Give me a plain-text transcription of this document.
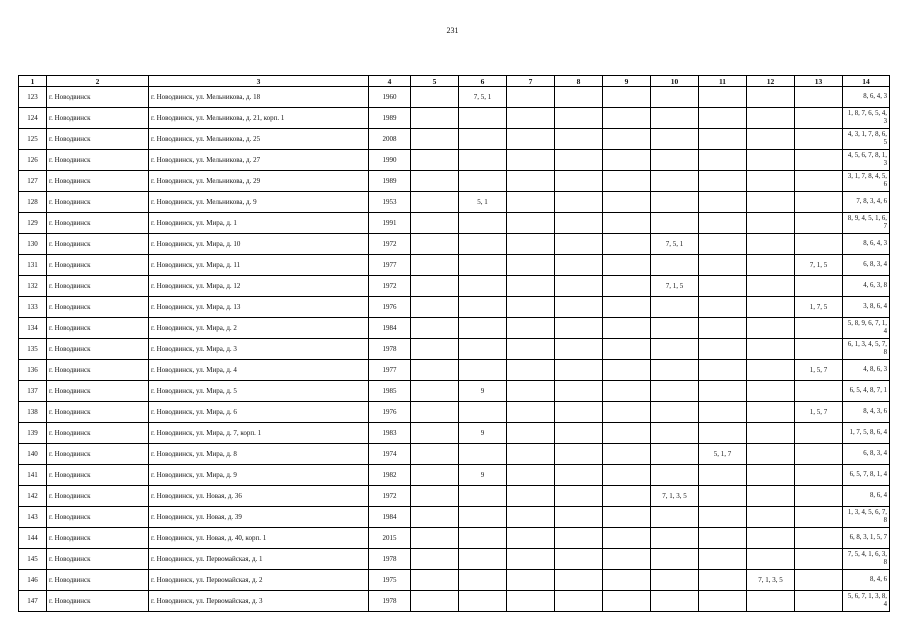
231
1	2	3	4	5	6	7	8	9	10	11	12	13	14
123	г. Новодвинск	г. Новодвинск, ул. Мельникова, д. 18	1960		7, 5, 1								8, 6, 4, 3
124	г. Новодвинск	г. Новодвинск, ул. Мельникова, д. 21, корп. 1	1989										1, 8, 7, 6, 5, 4, 3
125	г. Новодвинск	г. Новодвинск, ул. Мельникова, д. 25	2008										4, 3, 1, 7, 8, 6, 5
126	г. Новодвинск	г. Новодвинск, ул. Мельникова, д. 27	1990										4, 5, 6, 7, 8, 1, 3
127	г. Новодвинск	г. Новодвинск, ул. Мельникова, д. 29	1989										3, 1, 7, 8, 4, 5, 6
128	г. Новодвинск	г. Новодвинск, ул. Мельникова, д. 9	1953		5, 1								7, 8, 3, 4, 6
129	г. Новодвинск	г. Новодвинск, ул. Мира, д. 1	1991										8, 9, 4, 5, 1, 6, 7
130	г. Новодвинск	г. Новодвинск, ул. Мира, д. 10	1972						7, 5, 1				8, 6, 4, 3
131	г. Новодвинск	г. Новодвинск, ул. Мира, д. 11	1977									7, 1, 5	6, 8, 3, 4
132	г. Новодвинск	г. Новодвинск, ул. Мира, д. 12	1972						7, 1, 5				4, 6, 3, 8
133	г. Новодвинск	г. Новодвинск, ул. Мира, д. 13	1976									1, 7, 5	3, 8, 6, 4
134	г. Новодвинск	г. Новодвинск, ул. Мира, д. 2	1984										5, 8, 9, 6, 7, 1, 4
135	г. Новодвинск	г. Новодвинск, ул. Мира, д. 3	1978										6, 1, 3, 4, 5, 7, 8
136	г. Новодвинск	г. Новодвинск, ул. Мира, д. 4	1977									1, 5, 7	4, 8, 6, 3
137	г. Новодвинск	г. Новодвинск, ул. Мира, д. 5	1985		9								6, 5, 4, 8, 7, 1
138	г. Новодвинск	г. Новодвинск, ул. Мира, д. 6	1976									1, 5, 7	8, 4, 3, 6
139	г. Новодвинск	г. Новодвинск, ул. Мира, д. 7, корп. 1	1983		9								1, 7, 5, 8, 6, 4
140	г. Новодвинск	г. Новодвинск, ул. Мира, д. 8	1974							5, 1, 7			6, 8, 3, 4
141	г. Новодвинск	г. Новодвинск, ул. Мира, д. 9	1982		9								6, 5, 7, 8, 1, 4
142	г. Новодвинск	г. Новодвинск, ул. Новая, д. 36	1972						7, 1, 3, 5				8, 6, 4
143	г. Новодвинск	г. Новодвинск, ул. Новая, д. 39	1984										1, 3, 4, 5, 6, 7, 8
144	г. Новодвинск	г. Новодвинск, ул. Новая, д. 40, корп. 1	2015										6, 8, 3, 1, 5, 7
145	г. Новодвинск	г. Новодвинск, ул. Первомайская, д. 1	1978										7, 5, 4, 1, 6, 3, 8
146	г. Новодвинск	г. Новодвинск, ул. Первомайская, д. 2	1975								7, 1, 3, 5		8, 4, 6
147	г. Новодвинск	г. Новодвинск, ул. Первомайская, д. 3	1978										5, 6, 7, 1, 3, 8, 4
